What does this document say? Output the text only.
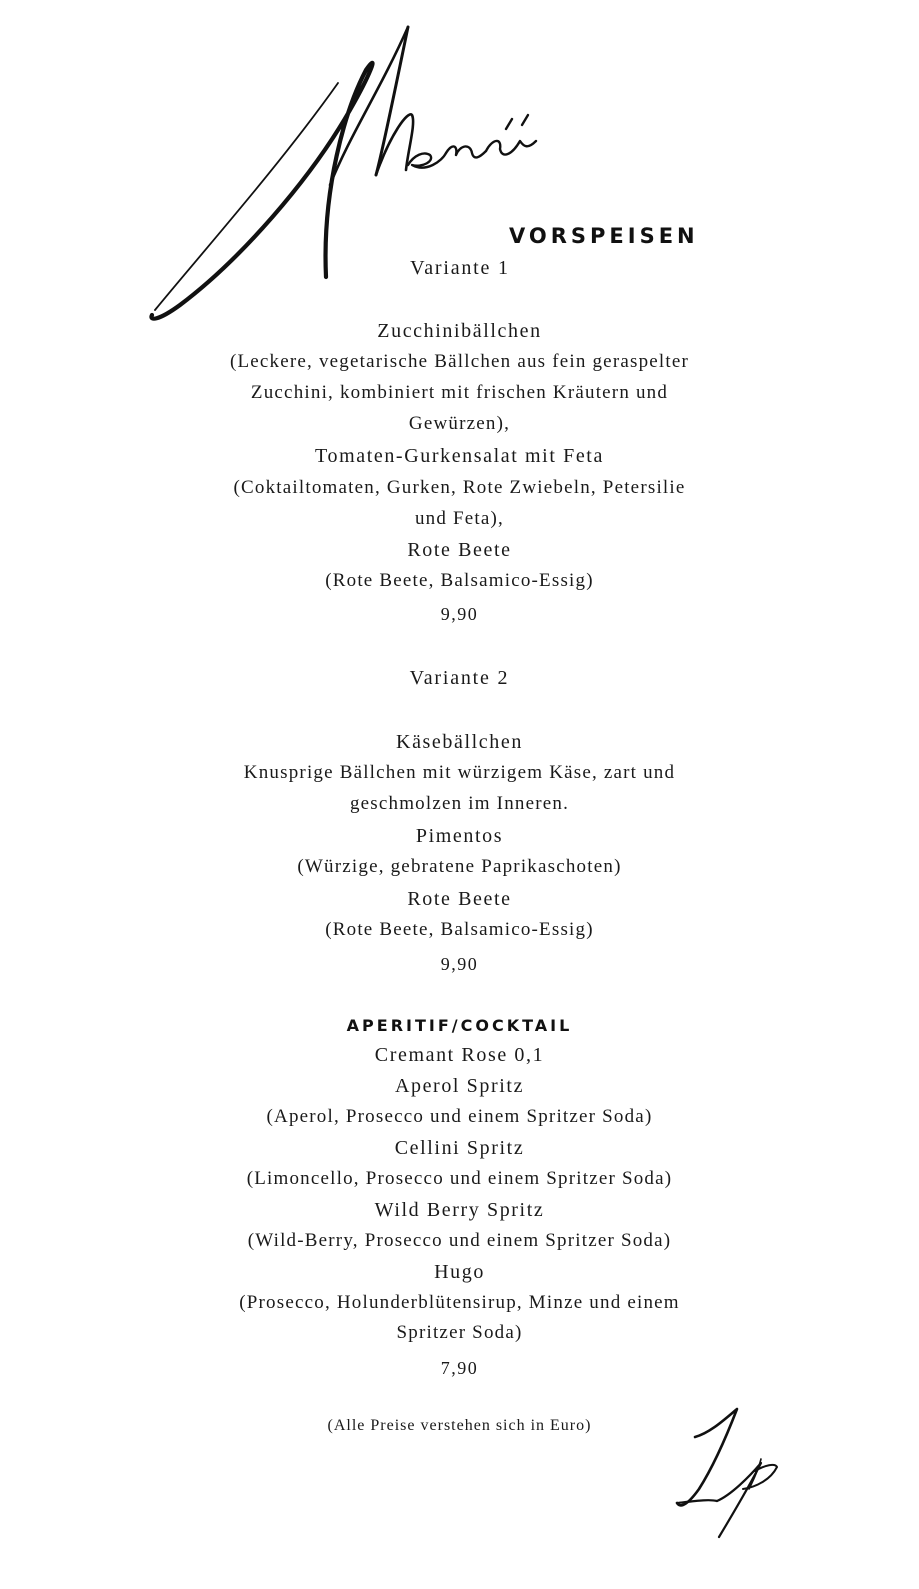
VORSPEISEN
Variante 1
Zucchinibällchen
(Leckere, vegetarische Bällchen aus fein geraspelter
Zucchini, kombiniert mit frischen Kräutern und
Gewürzen),
Tomaten-Gurkensalat mit Feta
(Coktailtomaten, Gurken, Rote Zwiebeln, Petersilie
und Feta),
Rote Beete
(Rote Beete, Balsamico-Essig)
9,90
Variante 2
Käsebällchen
Knusprige Bällchen mit würzigem Käse, zart und
geschmolzen im Inneren.
Pimentos
(Würzige, gebratene Paprikaschoten)
Rote Beete
(Rote Beete, Balsamico-Essig)
9,90
APERITIF/COCKTAIL
Cremant Rose 0,1
Aperol Spritz
(Aperol, Prosecco und einem Spritzer Soda)
Cellini Spritz
(Limoncello, Prosecco und einem Spritzer Soda)
Wild Berry Spritz
(Wild-Berry, Prosecco und einem Spritzer Soda)
Hugo
(Prosecco, Holunderblütensirup, Minze und einem
Spritzer Soda)
7,90
(Alle Preise verstehen sich in Euro)
